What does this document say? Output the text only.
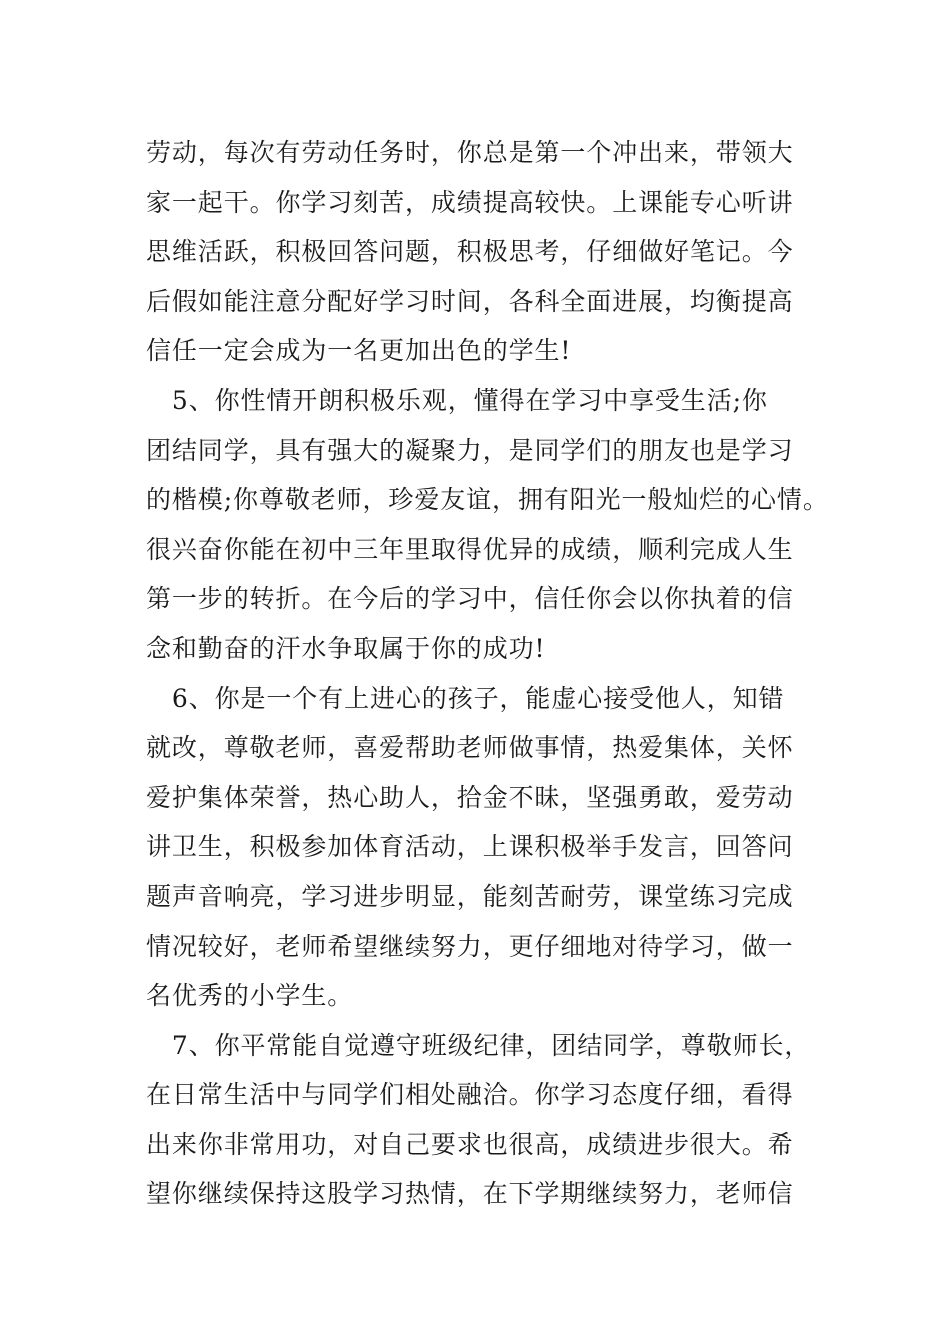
劳动，每次有劳动任务时，你总是第一个冲出来，带领大
家一起干。你学习刻苦，成绩提高较快。上课能专心听讲
思维活跃，积极回答问题，积极思考，仔细做好笔记。今
后假如能注意分配好学习时间，各科全面进展，均衡提高
信任一定会成为一名更加出色的学生!
　5、你性情开朗积极乐观，懂得在学习中享受生活;你
团结同学，具有强大的凝聚力，是同学们的朋友也是学习
的楷模;你尊敬老师，珍爱友谊，拥有阳光一般灿烂的心情。
很兴奋你能在初中三年里取得优异的成绩，顺利完成人生
第一步的转折。在今后的学习中，信任你会以你执着的信
念和勤奋的汗水争取属于你的成功!
　6、你是一个有上进心的孩子，能虚心接受他人，知错
就改，尊敬老师，喜爱帮助老师做事情，热爱集体，关怀
爱护集体荣誉，热心助人，拾金不昧，坚强勇敢，爱劳动
讲卫生，积极参加体育活动，上课积极举手发言，回答问
题声音响亮，学习进步明显，能刻苦耐劳，课堂练习完成
情况较好，老师希望继续努力，更仔细地对待学习，做一
名优秀的小学生。
　7、你平常能自觉遵守班级纪律，团结同学，尊敬师长，
在日常生活中与同学们相处融洽。你学习态度仔细，看得
出来你非常用功，对自己要求也很高，成绩进步很大。希
望你继续保持这股学习热情，在下学期继续努力，老师信
